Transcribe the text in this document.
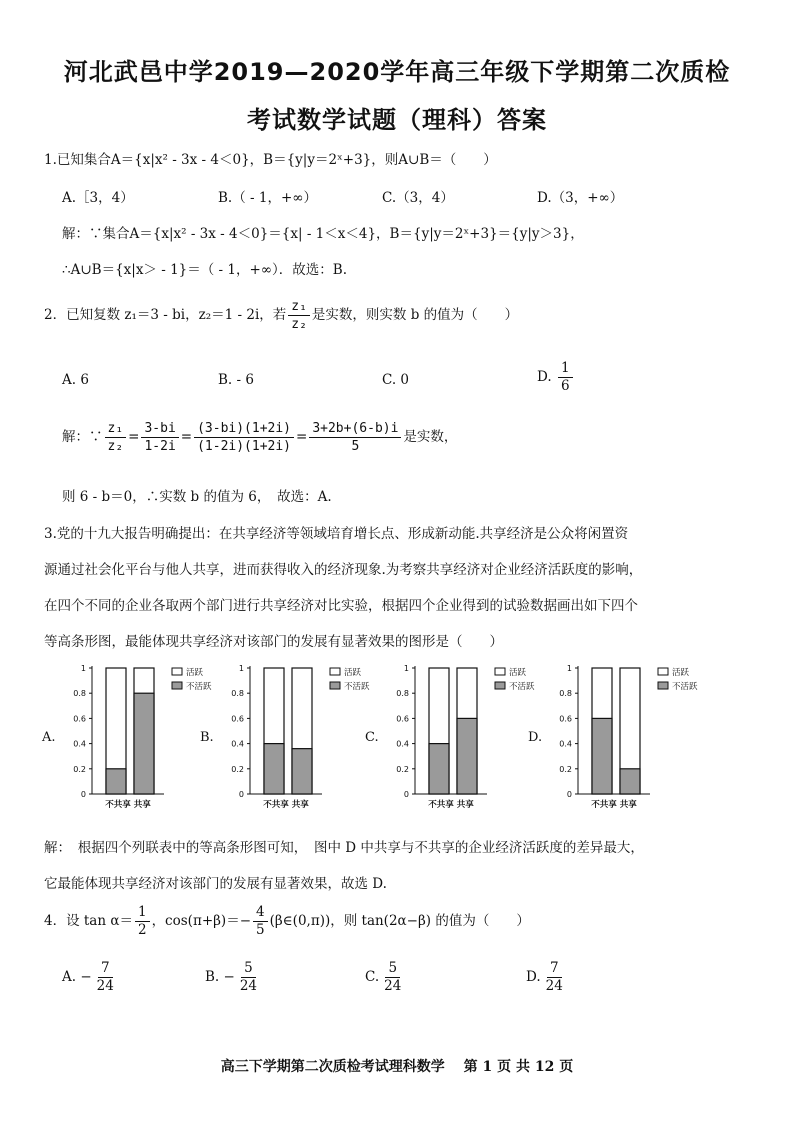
河北武邑中学2019—2020学年高三年级下学期第二次质检
考试数学试题（理科）答案
1.已知集合A＝{x|x² - 3x - 4＜0}，B＝{y|y＝2ˣ+3}，则A∪B＝（　　）
A.［3，4）	B.（ - 1，+∞）	C.（3，4）	D.（3，+∞）
解：∵集合A＝{x|x² - 3x - 4＜0}＝{x| - 1＜x＜4}，B＝{y|y＝2ˣ+3}＝{y|y＞3}，
∴A∪B＝{x|x＞ - 1}＝（ - 1，+∞）．故选：B.
2．已知复数 z₁＝3 - bi，z₂＝1 - 2i，若 $\frac{\text{z₁}}{\text{z₂}}$ 是实数，则实数 b 的值为（　　）
A. 6	B. - 6	C. 0	D. $\frac{1}{6}$
解：∵ $\frac{\text{z₁}}{\text{z₂}} = \frac{3-bi}{1-2i} = \frac{(3-bi)(1+2i)}{(1-2i)(1+2i)} = \frac{3+2b+(6-b)i}{5}$ 是实数，
则 6 - b＝0，∴实数 b 的值为 6，　故选：A.
3.党的十九大报告明确提出：在共享经济等领域培育增长点、形成新动能.共享经济是公众将闲置资
源通过社会化平台与他人共享，进而获得收入的经济现象.为考察共享经济对企业经济活跃度的影响，
在四个不同的企业各取两个部门进行共享经济对比实验，根据四个企业得到的试验数据画出如下四个
等高条形图，最能体现共享经济对该部门的发展有显著效果的图形是（　　）
A.
0
0.2
0.4
0.6
0.8
1
不共享 共享
活跃
不活跃
B.
0
0.2
0.4
0.6
0.8
1
不共享 共享
活跃
不活跃
C.
0
0.2
0.4
0.6
0.8
1
不共享 共享
活跃
不活跃
D.
0
0.2
0.4
0.6
0.8
1
不共享 共享
活跃
不活跃
解：　根据四个列联表中的等高条形图可知，　图中 D 中共享与不共享的企业经济活跃度的差异最大，
它最能体现共享经济对该部门的发展有显著效果，故选 D.
4．设 $\tan \alpha= \frac{1}{2}$ ，$\cos(\pi+\beta)=- \frac{4}{5}$ (β∈(0,π))，则 tan(2α−β) 的值为（　　）
A. − $\frac{7}{24}$	B. − $\frac{5}{24}$	C. $\frac{5}{24}$	D. $\frac{7}{24}$
高三下学期第二次质检考试理科数学　 第 1 页 共 12 页
